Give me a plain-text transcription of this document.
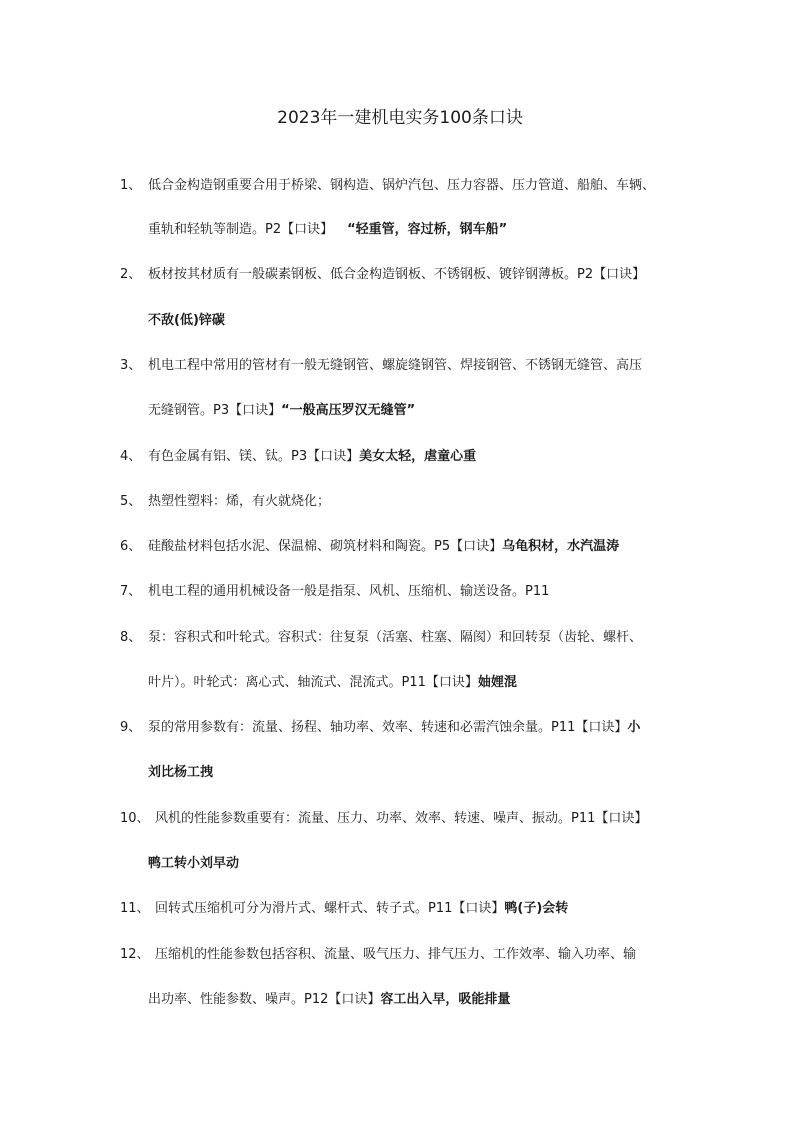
2023年一建机电实务100条口诀
1、 低合金构造钢重要合用于桥梁、钢构造、锅炉汽包、压力容器、压力管道、船舶、车辆、
重轨和轻轨等制造。P2【口诀】 “轻重管，容过桥，钢车船”
2、 板材按其材质有一般碳素钢板、低合金构造钢板、不锈钢板、镀锌钢薄板。P2【口诀】
不敌(低)锌碳
3、 机电工程中常用的管材有一般无缝钢管、螺旋缝钢管、焊接钢管、不锈钢无缝管、高压
无缝钢管。P3【口诀】“一般高压罗汉无缝管”
4、 有色金属有铝、镁、钛。P3【口诀】美女太轻，虐童心重
5、 热塑性塑料：烯，有火就烧化；
6、 硅酸盐材料包括水泥、保温棉、砌筑材料和陶瓷。P5【口诀】乌龟积材，水汽温涛
7、 机电工程的通用机械设备一般是指泵、风机、压缩机、输送设备。P11
8、 泵：容积式和叶轮式。容积式：往复泵（活塞、柱塞、隔阂）和回转泵（齿轮、螺杆、
叶片）。叶轮式：离心式、轴流式、混流式。P11【口诀】妯娌混
9、 泵的常用参数有：流量、扬程、轴功率、效率、转速和必需汽蚀余量。P11【口诀】小
刘比杨工拽
10、 风机的性能参数重要有：流量、压力、功率、效率、转速、噪声、振动。P11【口诀】
鸭工转小刘早动
11、 回转式压缩机可分为滑片式、螺杆式、转子式。P11【口诀】鸭(子)会转
12、 压缩机的性能参数包括容积、流量、吸气压力、排气压力、工作效率、输入功率、输
出功率、性能参数、噪声。P12【口诀】容工出入早，吸能排量
